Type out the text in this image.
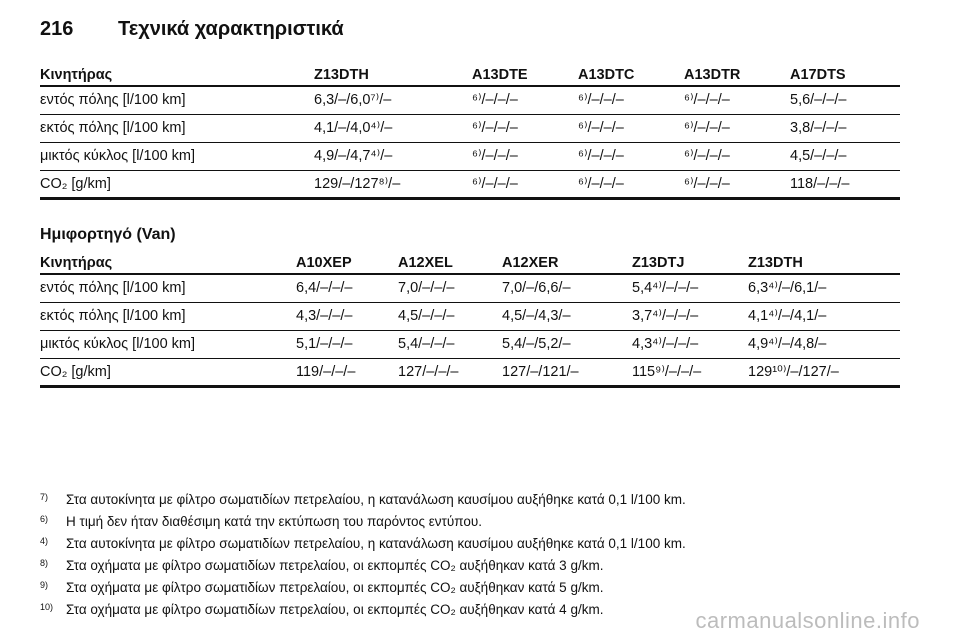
216	Τεχνικά χαρακτηριστικά
Κινητήρας	Z13DTH	A13DTE	A13DTC	A13DTR	A17DTS
εντός πόλης [l/100 km]	6,3/–/6,0⁷⁾/–	⁶⁾/–/–/–	⁶⁾/–/–/–	⁶⁾/–/–/–	5,6/–/–/–
εκτός πόλης [l/100 km]	4,1/–/4,0⁴⁾/–	⁶⁾/–/–/–	⁶⁾/–/–/–	⁶⁾/–/–/–	3,8/–/–/–
μικτός κύκλος [l/100 km]	4,9/–/4,7⁴⁾/–	⁶⁾/–/–/–	⁶⁾/–/–/–	⁶⁾/–/–/–	4,5/–/–/–
CO₂ [g/km]	129/–/127⁸⁾/–	⁶⁾/–/–/–	⁶⁾/–/–/–	⁶⁾/–/–/–	118/–/–/–
Ημιφορτηγό (Van)
Κινητήρας	A10XEP	A12XEL	A12XER	Z13DTJ	Z13DTH
εντός πόλης [l/100 km]	6,4/–/–/–	7,0/–/–/–	7,0/–/6,6/–	5,4⁴⁾/–/–/–	6,3⁴⁾/–/6,1/–
εκτός πόλης [l/100 km]	4,3/–/–/–	4,5/–/–/–	4,5/–/4,3/–	3,7⁴⁾/–/–/–	4,1⁴⁾/–/4,1/–
μικτός κύκλος [l/100 km]	5,1/–/–/–	5,4/–/–/–	5,4/–/5,2/–	4,3⁴⁾/–/–/–	4,9⁴⁾/–/4,8/–
CO₂ [g/km]	119/–/–/–	127/–/–/–	127/–/121/–	115⁹⁾/–/–/–	129¹⁰⁾/–/127/–
7)	Στα αυτοκίνητα με φίλτρο σωματιδίων πετρελαίου, η κατανάλωση καυσίμου αυξήθηκε κατά 0,1 l/100 km.
6)	Η τιμή δεν ήταν διαθέσιμη κατά την εκτύπωση του παρόντος εντύπου.
4)	Στα αυτοκίνητα με φίλτρο σωματιδίων πετρελαίου, η κατανάλωση καυσίμου αυξήθηκε κατά 0,1 l/100 km.
8)	Στα οχήματα με φίλτρο σωματιδίων πετρελαίου, οι εκπομπές CO₂ αυξήθηκαν κατά 3 g/km.
9)	Στα οχήματα με φίλτρο σωματιδίων πετρελαίου, οι εκπομπές CO₂ αυξήθηκαν κατά 5 g/km.
10) Στα οχήματα με φίλτρο σωματιδίων πετρελαίου, οι εκπομπές CO₂ αυξήθηκαν κατά 4 g/km.	carmanualsonline.info
